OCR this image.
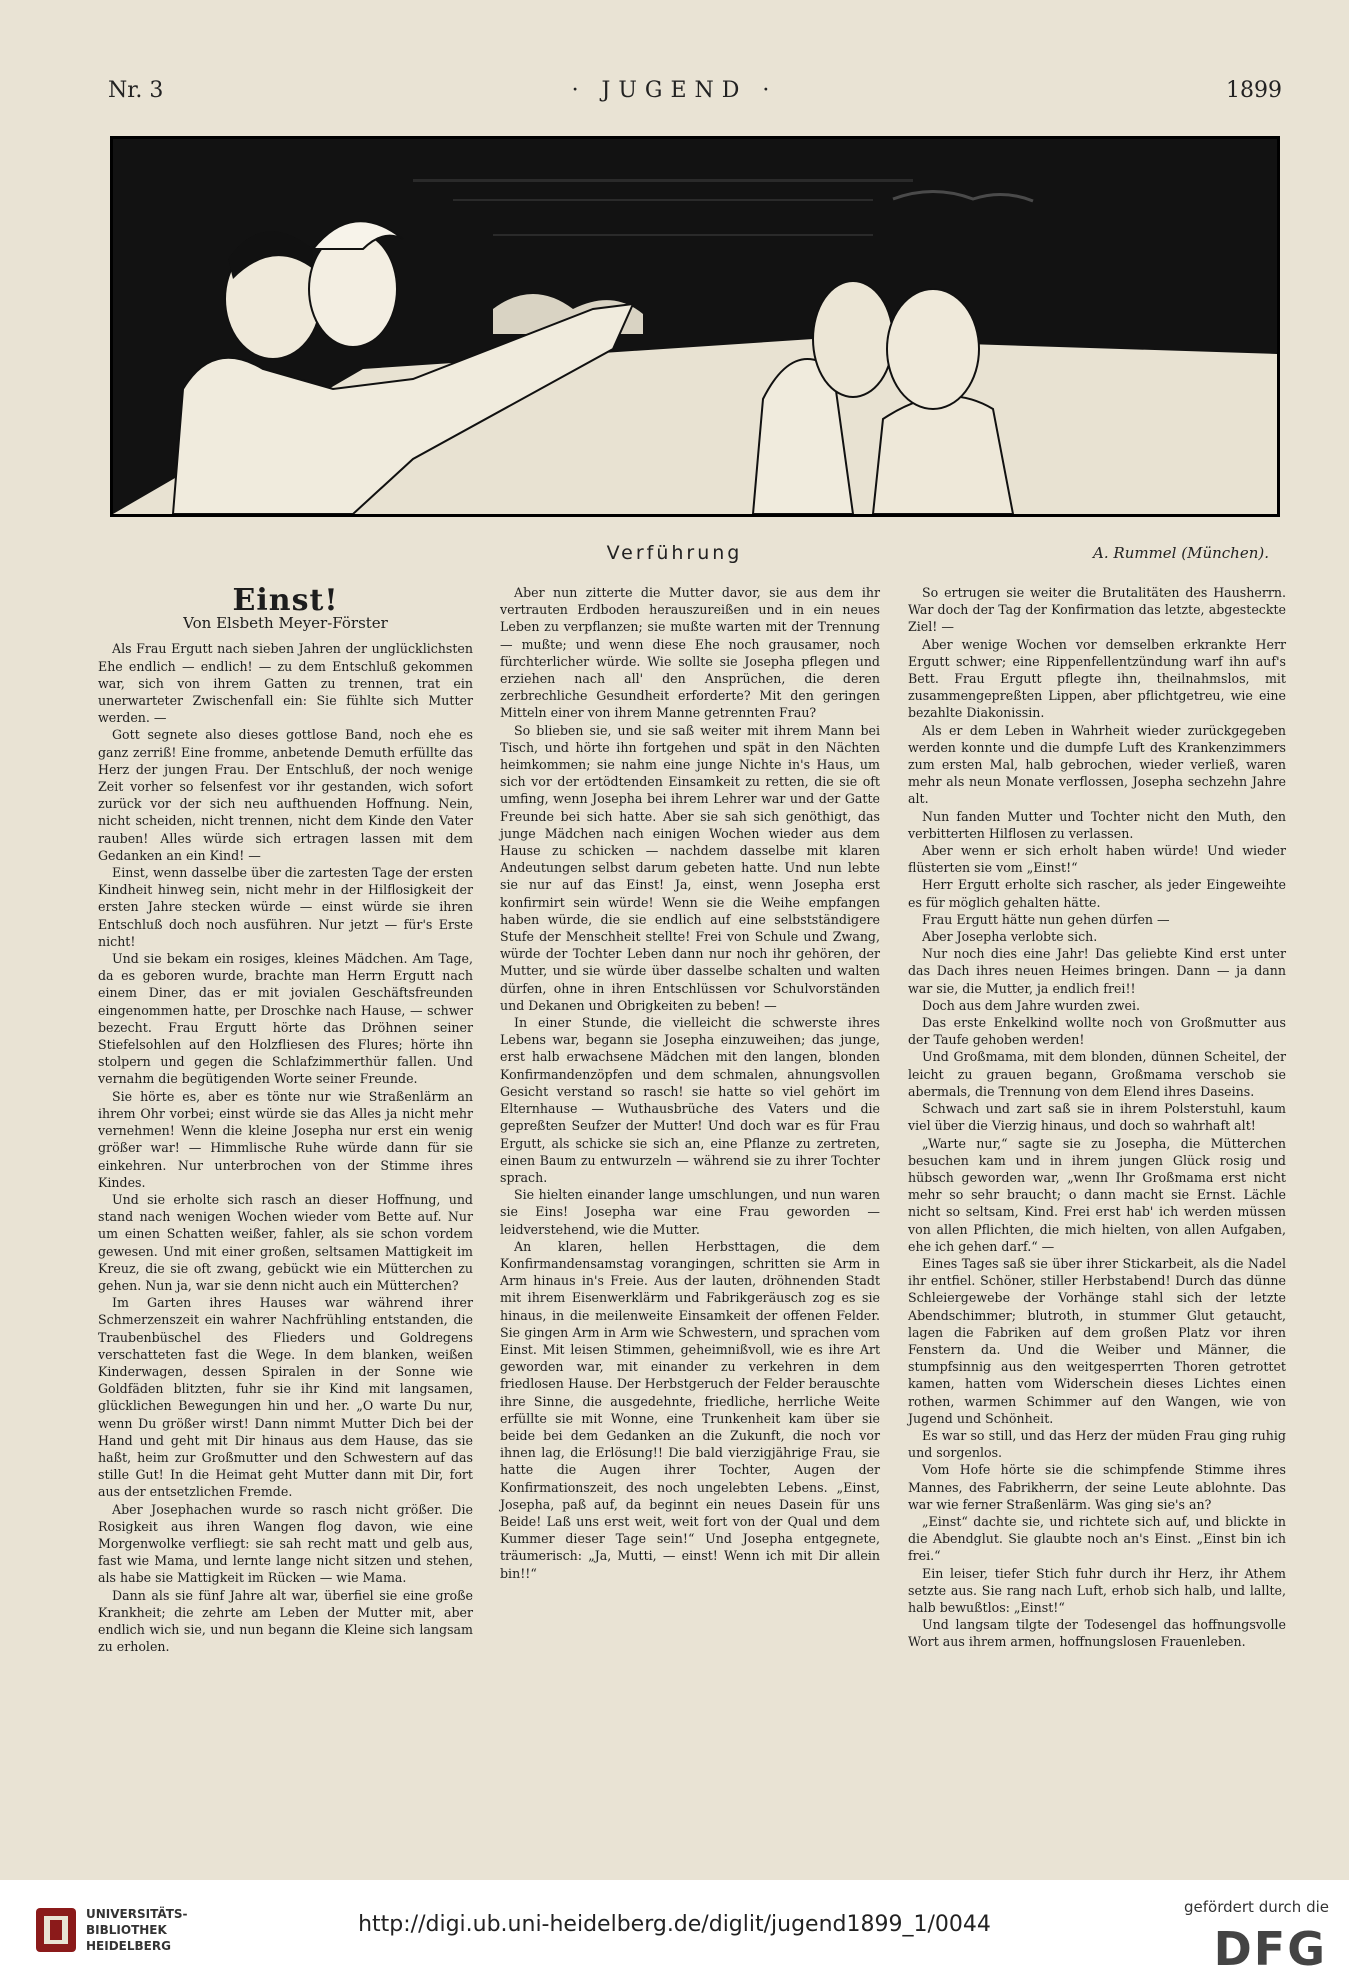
Nr. 3	· JUGEND ·	1899
Verführung	A. Rummel (München).
Einst!
Von Elsbeth Meyer-Förster

Als Frau Ergutt nach sieben Jahren der unglücklichsten Ehe endlich — endlich! — zu dem Entschluß gekommen war, sich von ihrem Gatten zu trennen, trat ein unerwarteter Zwischenfall ein: Sie fühlte sich Mutter werden. —

Gott segnete also dieses gottlose Band, noch ehe es ganz zerriß! Eine fromme, anbetende Demuth erfüllte das Herz der jungen Frau. Der Entschluß, der noch wenige Zeit vorher so felsenfest vor ihr gestanden, wich sofort zurück vor der sich neu aufthuenden Hoffnung. Nein, nicht scheiden, nicht trennen, nicht dem Kinde den Vater rauben! Alles würde sich ertragen lassen mit dem Gedanken an ein Kind! —

Einst, wenn dasselbe über die zartesten Tage der ersten Kindheit hinweg sein, nicht mehr in der Hilflosigkeit der ersten Jahre stecken würde — einst würde sie ihren Entschluß doch noch ausführen. Nur jetzt — für's Erste nicht!

Und sie bekam ein rosiges, kleines Mädchen. Am Tage, da es geboren wurde, brachte man Herrn Ergutt nach einem Diner, das er mit jovialen Geschäftsfreunden eingenommen hatte, per Droschke nach Hause, — schwer bezecht. Frau Ergutt hörte das Dröhnen seiner Stiefelsohlen auf den Holzfliesen des Flures; hörte ihn stolpern und gegen die Schlafzimmerthür fallen. Und vernahm die begütigenden Worte seiner Freunde.

Sie hörte es, aber es tönte nur wie Straßenlärm an ihrem Ohr vorbei; einst würde sie das Alles ja nicht mehr vernehmen! Wenn die kleine Josepha nur erst ein wenig größer war! — Himmlische Ruhe würde dann für sie einkehren. Nur unterbrochen von der Stimme ihres Kindes.

Und sie erholte sich rasch an dieser Hoffnung, und stand nach wenigen Wochen wieder vom Bette auf. Nur um einen Schatten weißer, fahler, als sie schon vordem gewesen. Und mit einer großen, seltsamen Mattigkeit im Kreuz, die sie oft zwang, gebückt wie ein Mütterchen zu gehen. Nun ja, war sie denn nicht auch ein Mütterchen?

Im Garten ihres Hauses war während ihrer Schmerzenszeit ein wahrer Nachfrühling entstanden, die Traubenbüschel des Flieders und Goldregens verschatteten fast die Wege. In dem blanken, weißen Kinderwagen, dessen Spiralen in der Sonne wie Goldfäden blitzten, fuhr sie ihr Kind mit langsamen, glücklichen Bewegungen hin und her. „O warte Du nur, wenn Du größer wirst! Dann nimmt Mutter Dich bei der Hand und geht mit Dir hinaus aus dem Hause, das sie haßt, heim zur Großmutter und den Schwestern auf das stille Gut! In die Heimat geht Mutter dann mit Dir, fort aus der entsetzlichen Fremde.

Aber Josephachen wurde so rasch nicht größer. Die Rosigkeit aus ihren Wangen flog davon, wie eine Morgenwolke verfliegt: sie sah recht matt und gelb aus, fast wie Mama, und lernte lange nicht sitzen und stehen, als habe sie Mattigkeit im Rücken — wie Mama.

Dann als sie fünf Jahre alt war, überfiel sie eine große Krankheit; die zehrte am Leben der Mutter mit, aber endlich wich sie, und nun begann die Kleine sich langsam zu erholen.

Aber nun zitterte die Mutter davor, sie aus dem ihr vertrauten Erdboden herauszureißen und in ein neues Leben zu verpflanzen; sie mußte warten mit der Trennung — mußte; und wenn diese Ehe noch grausamer, noch fürchterlicher würde. Wie sollte sie Josepha pflegen und erziehen nach all' den Ansprüchen, die deren zerbrechliche Gesundheit erforderte? Mit den geringen Mitteln einer von ihrem Manne getrennten Frau?

So blieben sie, und sie saß weiter mit ihrem Mann bei Tisch, und hörte ihn fortgehen und spät in den Nächten heimkommen; sie nahm eine junge Nichte in's Haus, um sich vor der ertödtenden Einsamkeit zu retten, die sie oft umfing, wenn Josepha bei ihrem Lehrer war und der Gatte Freunde bei sich hatte. Aber sie sah sich genöthigt, das junge Mädchen nach einigen Wochen wieder aus dem Hause zu schicken — nachdem dasselbe mit klaren Andeutungen selbst darum gebeten hatte. Und nun lebte sie nur auf das Einst! Ja, einst, wenn Josepha erst konfirmirt sein würde! Wenn sie die Weihe empfangen haben würde, die sie endlich auf eine selbstständigere Stufe der Menschheit stellte! Frei von Schule und Zwang, würde der Tochter Leben dann nur noch ihr gehören, der Mutter, und sie würde über dasselbe schalten und walten dürfen, ohne in ihren Entschlüssen vor Schulvorständen und Dekanen und Obrigkeiten zu beben! —

In einer Stunde, die vielleicht die schwerste ihres Lebens war, begann sie Josepha einzuweihen; das junge, erst halb erwachsene Mädchen mit den langen, blonden Konfirmandenzöpfen und dem schmalen, ahnungsvollen Gesicht verstand so rasch! sie hatte so viel gehört im Elternhause — Wuthausbrüche des Vaters und die gepreßten Seufzer der Mutter! Und doch war es für Frau Ergutt, als schicke sie sich an, eine Pflanze zu zertreten, einen Baum zu entwurzeln — während sie zu ihrer Tochter sprach.

Sie hielten einander lange umschlungen, und nun waren sie Eins! Josepha war eine Frau geworden — leidverstehend, wie die Mutter.

An klaren, hellen Herbsttagen, die dem Konfirmandensamstag vorangingen, schritten sie Arm in Arm hinaus in's Freie. Aus der lauten, dröhnenden Stadt mit ihrem Eisenwerklärm und Fabrikgeräusch zog es sie hinaus, in die meilenweite Einsamkeit der offenen Felder. Sie gingen Arm in Arm wie Schwestern, und sprachen vom Einst. Mit leisen Stimmen, geheimnißvoll, wie es ihre Art geworden war, mit einander zu verkehren in dem friedlosen Hause. Der Herbstgeruch der Felder berauschte ihre Sinne, die ausgedehnte, friedliche, herrliche Weite erfüllte sie mit Wonne, eine Trunkenheit kam über sie beide bei dem Gedanken an die Zukunft, die noch vor ihnen lag, die Erlösung!! Die bald vierzigjährige Frau, sie hatte die Augen ihrer Tochter, Augen der Konfirmationszeit, des noch ungelebten Lebens. „Einst, Josepha, paß auf, da beginnt ein neues Dasein für uns Beide! Laß uns erst weit, weit fort von der Qual und dem Kummer dieser Tage sein!“ Und Josepha entgegnete, träumerisch: „Ja, Mutti, — einst! Wenn ich mit Dir allein bin!!“

So ertrugen sie weiter die Brutalitäten des Hausherrn. War doch der Tag der Konfirmation das letzte, abgesteckte Ziel! —

Aber wenige Wochen vor demselben erkrankte Herr Ergutt schwer; eine Rippenfellentzündung warf ihn auf's Bett. Frau Ergutt pflegte ihn, theilnahmslos, mit zusammengepreßten Lippen, aber pflichtgetreu, wie eine bezahlte Diakonissin.

Als er dem Leben in Wahrheit wieder zurückgegeben werden konnte und die dumpfe Luft des Krankenzimmers zum ersten Mal, halb gebrochen, wieder verließ, waren mehr als neun Monate verflossen, Josepha sechzehn Jahre alt.

Nun fanden Mutter und Tochter nicht den Muth, den verbitterten Hilflosen zu verlassen.

Aber wenn er sich erholt haben würde! Und wieder flüsterten sie vom „Einst!“

Herr Ergutt erholte sich rascher, als jeder Eingeweihte es für möglich gehalten hätte.

Frau Ergutt hätte nun gehen dürfen —

Aber Josepha verlobte sich.

Nur noch dies eine Jahr! Das geliebte Kind erst unter das Dach ihres neuen Heimes bringen. Dann — ja dann war sie, die Mutter, ja endlich frei!!

Doch aus dem Jahre wurden zwei.

Das erste Enkelkind wollte noch von Großmutter aus der Taufe gehoben werden!

Und Großmama, mit dem blonden, dünnen Scheitel, der leicht zu grauen begann, Großmama verschob sie abermals, die Trennung von dem Elend ihres Daseins.

Schwach und zart saß sie in ihrem Polsterstuhl, kaum viel über die Vierzig hinaus, und doch so wahrhaft alt!

„Warte nur,“ sagte sie zu Josepha, die Mütterchen besuchen kam und in ihrem jungen Glück rosig und hübsch geworden war, „wenn Ihr Großmama erst nicht mehr so sehr braucht; o dann macht sie Ernst. Lächle nicht so seltsam, Kind. Frei erst hab' ich werden müssen von allen Pflichten, die mich hielten, von allen Aufgaben, ehe ich gehen darf.“ —

Eines Tages saß sie über ihrer Stickarbeit, als die Nadel ihr entfiel. Schöner, stiller Herbstabend! Durch das dünne Schleiergewebe der Vorhänge stahl sich der letzte Abendschimmer; blutroth, in stummer Glut getaucht, lagen die Fabriken auf dem großen Platz vor ihren Fenstern da. Und die Weiber und Männer, die stumpfsinnig aus den weitgesperrten Thoren getrottet kamen, hatten vom Widerschein dieses Lichtes einen rothen, warmen Schimmer auf den Wangen, wie von Jugend und Schönheit.

Es war so still, und das Herz der müden Frau ging ruhig und sorgenlos.

Vom Hofe hörte sie die schimpfende Stimme ihres Mannes, des Fabrikherrn, der seine Leute ablohnte. Das war wie ferner Straßenlärm. Was ging sie's an?

„Einst“ dachte sie, und richtete sich auf, und blickte in die Abendglut. Sie glaubte noch an's Einst. „Einst bin ich frei.“

Ein leiser, tiefer Stich fuhr durch ihr Herz, ihr Athem setzte aus. Sie rang nach Luft, erhob sich halb, und lallte, halb bewußtlos: „Einst!“

Und langsam tilgte der Todesengel das hoffnungsvolle Wort aus ihrem armen, hoffnungslosen Frauenleben.

UNIVERSITÄTS-
BIBLIOTHEK
HEIDELBERG
http://digi.ub.uni-heidelberg.de/diglit/jugend1899_1/0044
gefördert durch die
DFG
